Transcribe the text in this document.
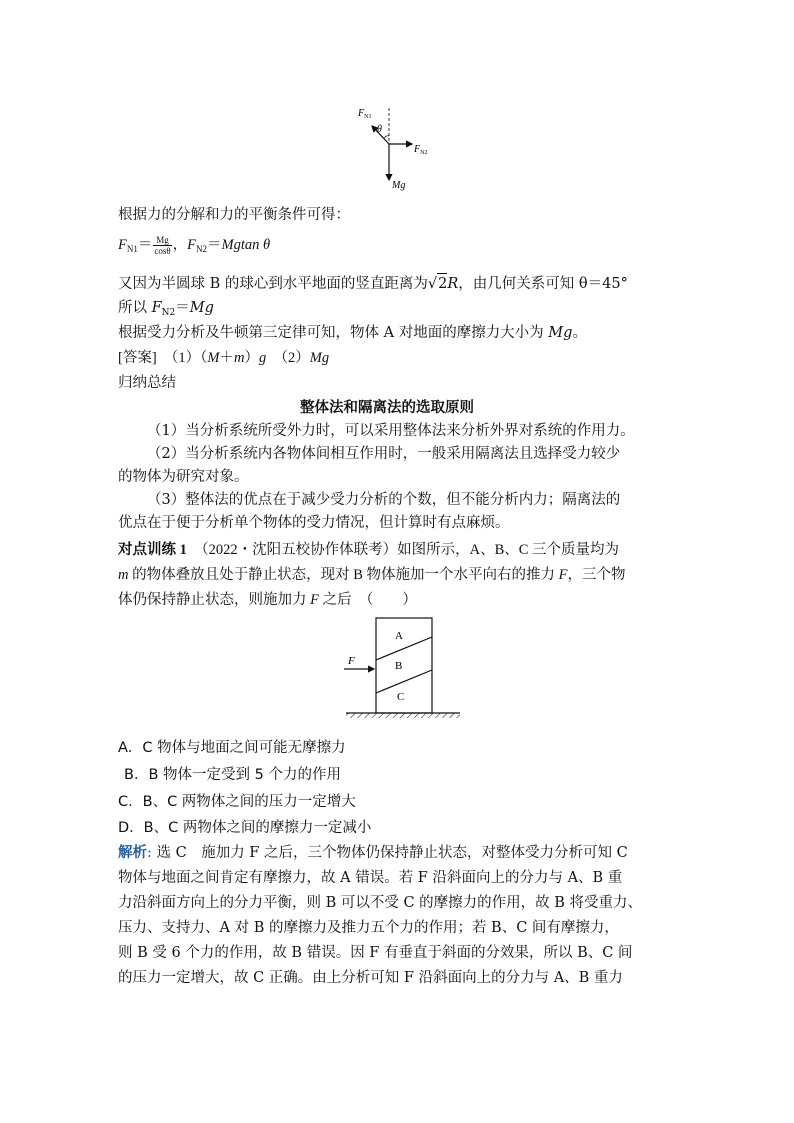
$F_{N1}$
θ
$F_{N2}$
Mg
根据力的分解和力的平衡条件可得：
$F_{N1}= \frac{Mg}{\cos\theta}$ ，$F_{N2}=Mgtan$ θ
又因为半圆球 B 的球心到水平地面的竖直距离为√2R，由几何关系可知 θ＝45°
所以 $F_{N2}=Mg$
根据受力分析及牛顿第三定律可知，物体 A 对地面的摩擦力大小为 Mg。
[答案] （1）（M＋m）g （2）Mg
归纳总结
整体法和隔离法的选取原则
（1）当分析系统所受外力时，可以采用整体法来分析外界对系统的作用力。
（2）当分析系统内各物体间相互作用时，一般采用隔离法且选择受力较少
的物体为研究对象。
（3）整体法的优点在于减少受力分析的个数，但不能分析内力；隔离法的
优点在于便于分析单个物体的受力情况，但计算时有点麻烦。
对点训练 1 （2022・沈阳五校协作体联考）如图所示，A、B、C 三个质量均为
m 的物体叠放且处于静止状态，现对 B 物体施加一个水平向右的推力 F，三个物
体仍保持静止状态，则施加力 F 之后　（　　）
F
A
B
C
A．C 物体与地面之间可能无摩擦力
B．B 物体一定受到 5 个力的作用
C．B、C 两物体之间的压力一定增大
D．B、C 两物体之间的摩擦力一定减小
解析: 选 C　施加力 F 之后，三个物体仍保持静止状态，对整体受力分析可知 C
物体与地面之间肯定有摩擦力，故 A 错误。若 F 沿斜面向上的分力与 A、B 重
力沿斜面方向上的分力平衡，则 B 可以不受 C 的摩擦力的作用，故 B 将受重力、
压力、支持力、A 对 B 的摩擦力及推力五个力的作用；若 B、C 间有摩擦力，
则 B 受 6 个力的作用，故 B 错误。因 F 有垂直于斜面的分效果，所以 B、C 间
的压力一定增大，故 C 正确。由上分析可知 F 沿斜面向上的分力与 A、B 重力
